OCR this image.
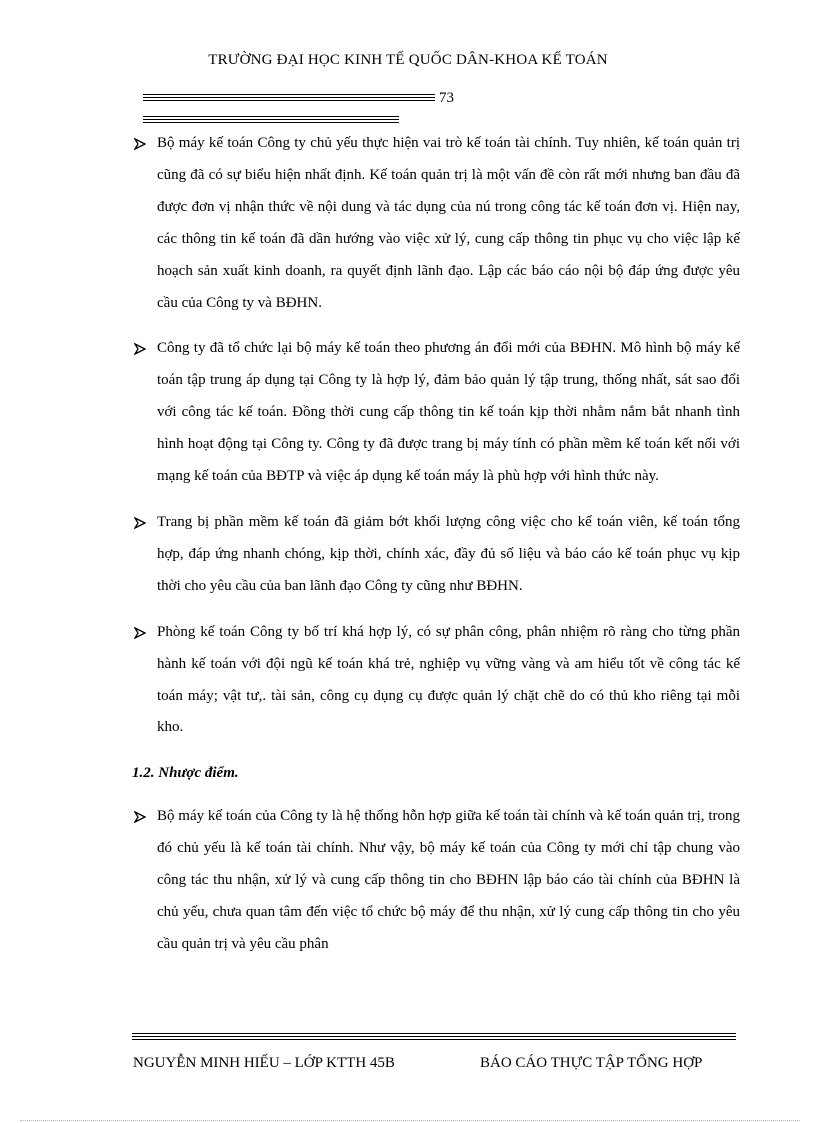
TRƯỜNG ĐẠI HỌC KINH TẾ QUỐC DÂN-KHOA KẾ TOÁN
73
Bộ máy kế toán Công ty chủ yếu thực hiện vai trò kế toán tài chính. Tuy nhiên, kế toán quản trị cũng đã có sự biểu hiện nhất định. Kế toán quản trị là một vấn đề còn rất mới nhưng ban đầu đã được đơn vị nhận thức về nội dung và tác dụng của nú trong công tác kế toán đơn vị. Hiện nay, các thông tin kế toán đã dần hướng vào việc xử lý, cung cấp thông tin phục vụ cho việc lập kế hoạch sản xuất kinh doanh, ra quyết định lãnh đạo. Lập các báo cáo nội bộ đáp ứng được yêu cầu của Công ty và BĐHN.
Công ty đã tổ chức lại bộ máy kế toán theo phương án đổi mới của BĐHN. Mô hình bộ máy kế toán tập trung áp dụng tại Công ty là hợp lý, đảm bảo quản lý tập trung, thống nhất, sát sao đối với công tác kế toán. Đồng thời cung cấp thông tin kế toán kịp thời nhằm nắm bắt nhanh tình hình hoạt động tại Công ty. Công ty đã được trang bị máy tính có phần mềm kế toán kết nối với mạng kế toán của BĐTP và việc áp dụng kế toán máy là phù hợp với hình thức này.
Trang bị phần mềm kế toán đã giảm bớt khối lượng công việc cho kế toán viên, kế toán tổng hợp, đáp ứng nhanh chóng, kịp thời, chính xác, đầy đủ số liệu và báo cáo kế toán phục vụ kịp thời cho yêu cầu của ban lãnh đạo Công ty cũng như BĐHN.
Phòng kế toán Công ty bố trí khá hợp lý, có sự phân công, phân nhiệm rõ ràng cho từng phần hành kế toán với đội ngũ kế toán khá trẻ, nghiệp vụ vững vàng và am hiểu tốt về công tác kế toán máy; vật tư,. tài sản, công cụ dụng cụ được quản lý chặt chẽ do có thủ kho riêng tại mỗi kho.
1.2. Nhược điểm.
Bộ máy kế toán của Công ty là hệ thống hỗn hợp giữa kế toán tài chính và kế toán quản trị, trong đó chủ yếu là kế toán tài chính. Như vậy, bộ máy kế toán của Công ty mới chỉ tập chung vào công tác thu nhận, xử lý và cung cấp thông tin cho BĐHN lập báo cáo tài chính của BĐHN là chủ yếu, chưa quan tâm đến việc tổ chức bộ máy để thu nhận, xử lý cung cấp thông tin cho yêu cầu quản trị và yêu cầu phân
NGUYỄN MINH HIẾU – LỚP KTTH 45B	BÁO CÁO THỰC TẬP TỔNG HỢP
